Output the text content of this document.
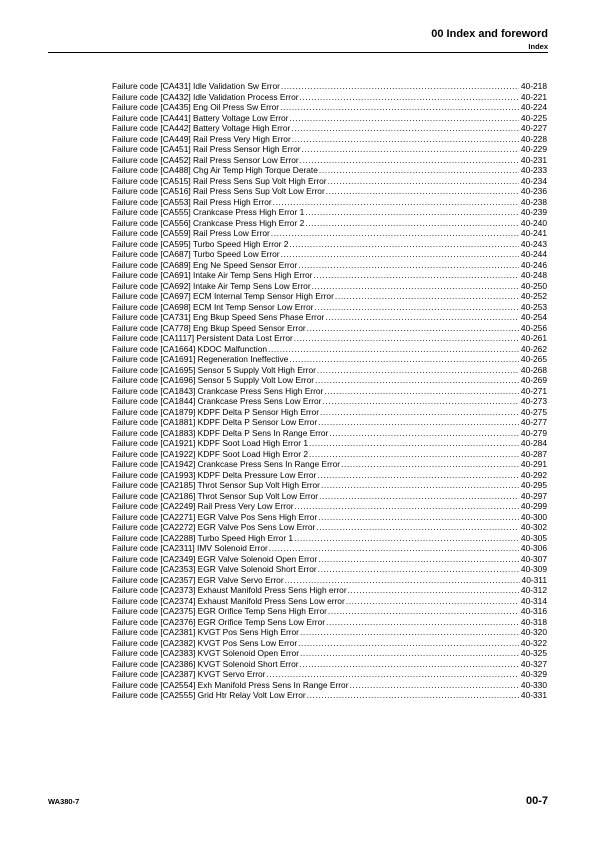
00 Index and foreword
Index
Failure code [CA431] Idle Validation Sw Error .....	40-218
Failure code [CA432] Idle Validation Process Error .....	40-221
Failure code [CA435] Eng Oil Press Sw Error .....	40-224
Failure code [CA441] Battery Voltage Low Error .....	40-225
Failure code [CA442] Battery Voltage High Error .....	40-227
Failure code [CA449] Rail Press Very High Error .....	40-228
Failure code [CA451] Rail Press Sensor High Error .....	40-229
Failure code [CA452] Rail Press Sensor Low Error .....	40-231
Failure code [CA488] Chg Air Temp High Torque Derate .....	40-233
Failure code [CA515] Rail Press Sens Sup Volt High Error .....	40-234
Failure code [CA516] Rail Press Sens Sup Volt Low Error .....	40-236
Failure code [CA553] Rail Press High Error .....	40-238
Failure code [CA555] Crankcase Press High Error 1 .....	40-239
Failure code [CA556] Crankcase Press High Error 2 .....	40-240
Failure code [CA559] Rail Press Low Error .....	40-241
Failure code [CA595] Turbo Speed High Error 2 .....	40-243
Failure code [CA687] Turbo Speed Low Error .....	40-244
Failure code [CA689] Eng Ne Speed Sensor Error .....	40-246
Failure code [CA691] Intake Air Temp Sens High Error .....	40-248
Failure code [CA692] Intake Air Temp Sens Low Error .....	40-250
Failure code [CA697] ECM Internal Temp Sensor High Error .....	40-252
Failure code [CA698] ECM Int Temp Sensor Low Error .....	40-253
Failure code [CA731] Eng Bkup Speed Sens Phase Error .....	40-254
Failure code [CA778] Eng Bkup Speed Sensor Error .....	40-256
Failure code [CA1117] Persistent Data Lost Error .....	40-261
Failure code [CA1664] KDOC Malfunction .....	40-262
Failure code [CA1691] Regeneration Ineffective .....	40-265
Failure code [CA1695] Sensor 5 Supply Volt High Error .....	40-268
Failure code [CA1696] Sensor 5 Supply Volt Low Error .....	40-269
Failure code [CA1843] Crankcase Press Sens High Error .....	40-271
Failure code [CA1844] Crankcase Press Sens Low Error .....	40-273
Failure code [CA1879] KDPF Delta P Sensor High Error .....	40-275
Failure code [CA1881] KDPF Delta P Sensor Low Error .....	40-277
Failure code [CA1883] KDPF Delta P Sens In Range Error .....	40-279
Failure code [CA1921] KDPF Soot Load High Error 1 .....	40-284
Failure code [CA1922] KDPF Soot Load High Error 2 .....	40-287
Failure code [CA1942] Crankcase Press Sens In Range Error .....	40-291
Failure code [CA1993] KDPF Delta Pressure Low Error .....	40-292
Failure code [CA2185] Throt Sensor Sup Volt High Error .....	40-295
Failure code [CA2186] Throt Sensor Sup Volt Low Error .....	40-297
Failure code [CA2249] Rail Press Very Low Error .....	40-299
Failure code [CA2271] EGR Valve Pos Sens High Error .....	40-300
Failure code [CA2272] EGR Valve Pos Sens Low Error .....	40-302
Failure code [CA2288] Turbo Speed High Error 1 .....	40-305
Failure code [CA2311] IMV Solenoid Error .....	40-306
Failure code [CA2349] EGR Valve Solenoid Open Error .....	40-307
Failure code [CA2353] EGR Valve Solenoid Short Error .....	40-309
Failure code [CA2357] EGR Valve Servo Error .....	40-311
Failure code [CA2373] Exhaust Manifold Press Sens High error .....	40-312
Failure code [CA2374] Exhaust Manifold Press Sens Low error .....	40-314
Failure code [CA2375] EGR Orifice Temp Sens High Error .....	40-316
Failure code [CA2376] EGR Orifice Temp Sens Low Error .....	40-318
Failure code [CA2381] KVGT Pos Sens High Error .....	40-320
Failure code [CA2382] KVGT Pos Sens Low Error .....	40-322
Failure code [CA2383] KVGT Solenoid Open Error .....	40-325
Failure code [CA2386] KVGT Solenoid Short Error .....	40-327
Failure code [CA2387] KVGT Servo Error .....	40-329
Failure code [CA2554] Exh Manifold Press Sens In Range Error .....	40-330
Failure code [CA2555] Grid Htr Relay Volt Low Error .....	40-331
WA380-7	00-7
